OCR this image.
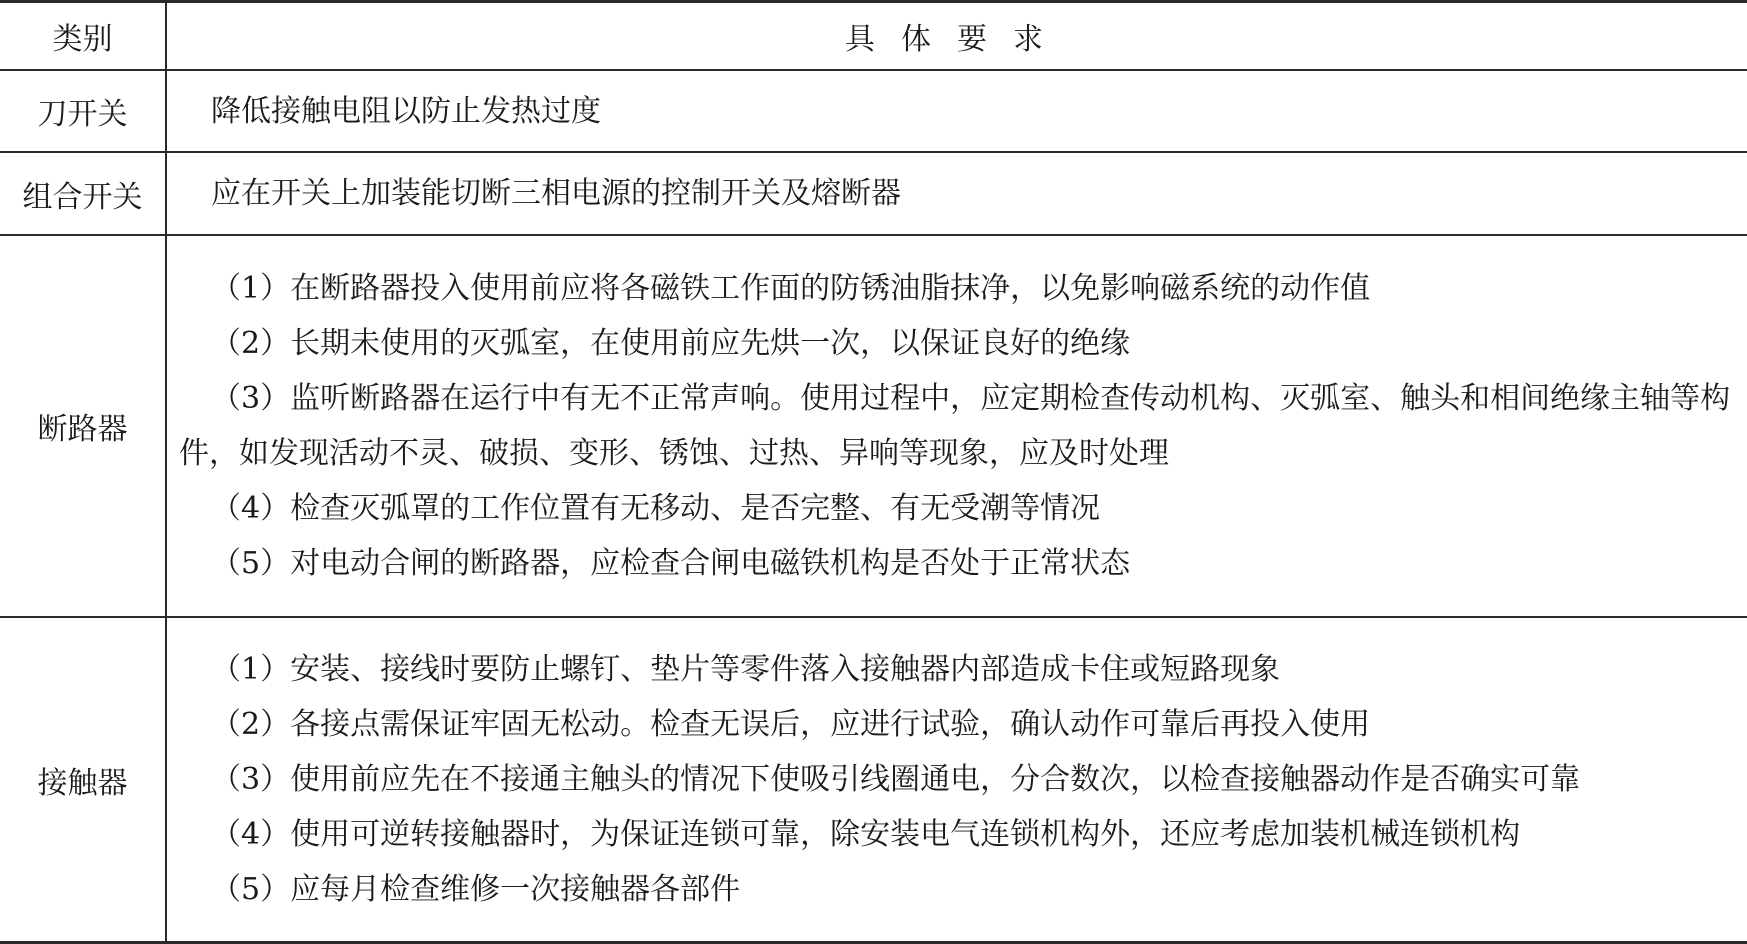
类别	具体要求
刀开关	降低接触电阻以防止发热过度

组合开关	应在开关上加装能切断三相电源的控制开关及熔断器

断路器	（1）在断路器投入使用前应将各磁铁工作面的防锈油脂抹净，以免影响磁系统的动作值
（2）长期未使用的灭弧室，在使用前应先烘一次，以保证良好的绝缘
（3）监听断路器在运行中有无不正常声响。使用过程中，应定期检查传动机构、灭弧室、触头和相间绝缘主轴等构件，如发现活动不灵、破损、变形、锈蚀、过热、异响等现象，应及时处理
（4）检查灭弧罩的工作位置有无移动、是否完整、有无受潮等情况
（5）对电动合闸的断路器，应检查合闸电磁铁机构是否处于正常状态

接触器	（1）安装、接线时要防止螺钉、垫片等零件落入接触器内部造成卡住或短路现象
（2）各接点需保证牢固无松动。检查无误后，应进行试验，确认动作可靠后再投入使用
（3）使用前应先在不接通主触头的情况下使吸引线圈通电，分合数次，以检查接触器动作是否确实可靠
（4）使用可逆转接触器时，为保证连锁可靠，除安装电气连锁机构外，还应考虑加装机械连锁机构
（5）应每月检查维修一次接触器各部件
